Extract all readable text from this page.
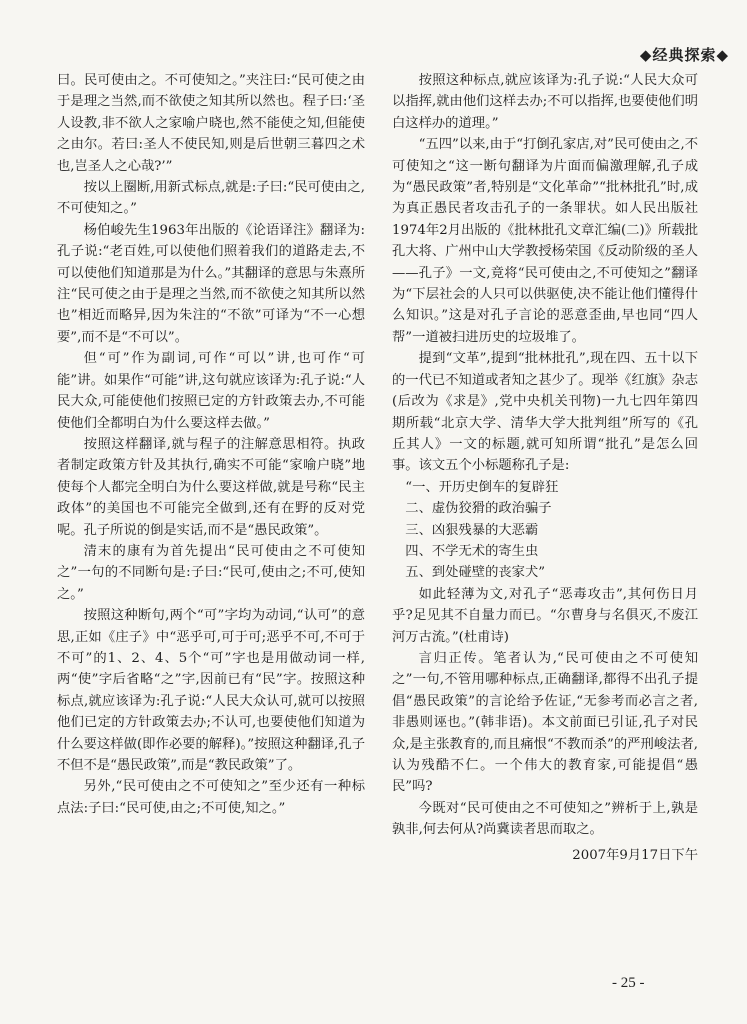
◆经典探索◆

曰。民可使由之。不可使知之。”夹注曰:“民可使之由于是理之当然,而不欲使之知其所以然也。程子曰:‘圣人设教,非不欲人之家喻户晓也,然不能使之知,但能使之由尔。若曰:圣人不使民知,则是后世朝三暮四之术也,岂圣人之心哉?’”

按以上圈断,用新式标点,就是:子曰:“民可使由之,不可使知之。”

杨伯峻先生1963年出版的《论语译注》翻译为:孔子说:“老百姓,可以使他们照着我们的道路走去,不可以使他们知道那是为什么。”其翻译的意思与朱熹所注“民可使之由于是理之当然,而不欲使之知其所以然也”相近而略异,因为朱注的“不欲”可译为“不一心想要”,而不是“不可以”。

但“可”作为副词,可作“可以”讲,也可作“可能”讲。如果作“可能”讲,这句就应该译为:孔子说:“人民大众,可能使他们按照已定的方针政策去办,不可能使他们全都明白为什么要这样去做。”

按照这样翻译,就与程子的注解意思相符。执政者制定政策方针及其执行,确实不可能“家喻户晓”地使每个人都完全明白为什么要这样做,就是号称“民主政体”的美国也不可能完全做到,还有在野的反对党呢。孔子所说的倒是实话,而不是“愚民政策”。

清末的康有为首先提出“民可使由之不可使知之”一句的不同断句是:子曰:“民可,使由之;不可,使知之。”

按照这种断句,两个“可”字均为动词,“认可”的意思,正如《庄子》中“恶乎可,可于可;恶乎不可,不可于不可”的1、2、4、5个“可”字也是用做动词一样,两“使”字后省略“之”字,因前已有“民”字。按照这种标点,就应该译为:孔子说:“人民大众认可,就可以按照他们已定的方针政策去办;不认可,也要使他们知道为什么要这样做(即作必要的解释)。”按照这种翻译,孔子不但不是“愚民政策”,而是“教民政策”了。

另外,“民可使由之不可使知之”至少还有一种标点法:子曰:“民可使,由之;不可使,知之。”

按照这种标点,就应该译为:孔子说:“人民大众可以指挥,就由他们这样去办;不可以指挥,也要使他们明白这样办的道理。”

“五四”以来,由于“打倒孔家店,对”民可使由之,不可使知之“这一断句翻译为片面而偏激理解,孔子成为“愚民政策”者,特别是“文化革命”“批林批孔”时,成为真正愚民者攻击孔子的一条罪状。如人民出版社1974年2月出版的《批林批孔文章汇编(二)》所载批孔大将、广州中山大学教授杨荣国《反动阶级的圣人——孔子》一文,竟将“民可使由之,不可使知之”翻译为“下层社会的人只可以供驱使,决不能让他们懂得什么知识。”这是对孔子言论的恶意歪曲,早也同“四人帮”一道被扫进历史的垃圾堆了。

提到“文革”,提到“批林批孔”,现在四、五十以下的一代已不知道或者知之甚少了。现举《红旗》杂志(后改为《求是》,党中央机关刊物)一九七四年第四期所载“北京大学、清华大学大批判组”所写的《孔丘其人》一文的标题,就可知所谓“批孔”是怎么回事。该文五个小标题称孔子是:

“一、开历史倒车的复辟狂

二、虚伪狡猾的政治骗子

三、凶狠残暴的大恶霸

四、不学无术的寄生虫

五、到处碰壁的丧家犬”

如此轻薄为文,对孔子“恶毒攻击”,其何伤日月乎?足见其不自量力而已。“尔曹身与名俱灭,不废江河万古流。”(杜甫诗)

言归正传。笔者认为,“民可使由之不可使知之”一句,不管用哪种标点,正确翻译,都得不出孔子提倡“愚民政策”的言论给予佐证,“无参考而必言之者,非愚则诬也。”(韩非语)。本文前面已引证,孔子对民众,是主张教育的,而且痛恨“不教而杀”的严刑峻法者,认为残酷不仁。一个伟大的教育家,可能提倡“愚民”吗?

今既对“民可使由之不可使知之”辨析于上,孰是孰非,何去何从?尚冀读者思而取之。

2007年9月17日下午

- 25 -
